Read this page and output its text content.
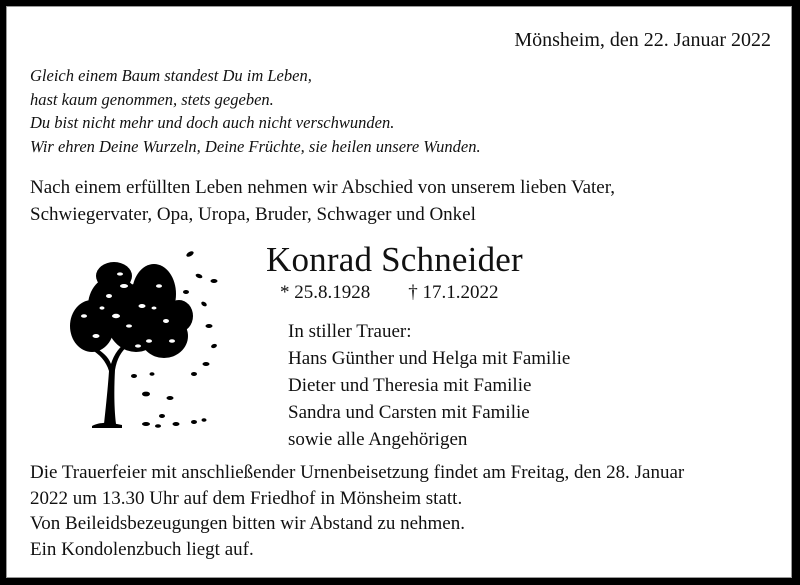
Mönsheim, den 22. Januar 2022
Gleich einem Baum standest Du im Leben,
hast kaum genommen, stets gegeben.
Du bist nicht mehr und doch auch nicht verschwunden.
Wir ehren Deine Wurzeln, Deine Früchte, sie heilen unsere Wunden.
Nach einem erfüllten Leben nehmen wir Abschied von unserem lieben Vater,
Schwiegervater, Opa, Uropa, Bruder, Schwager und Onkel
Konrad Schneider
* 25.8.1928 † 17.1.2022
In stiller Trauer:
Hans Günther und Helga mit Familie
Dieter und Theresia mit Familie
Sandra und Carsten mit Familie
sowie alle Angehörigen
Die Trauerfeier mit anschließender Urnenbeisetzung findet am Freitag, den 28. Januar
2022 um 13.30 Uhr auf dem Friedhof in Mönsheim statt.
Von Beileidsbezeugungen bitten wir Abstand zu nehmen.
Ein Kondolenzbuch liegt auf.
